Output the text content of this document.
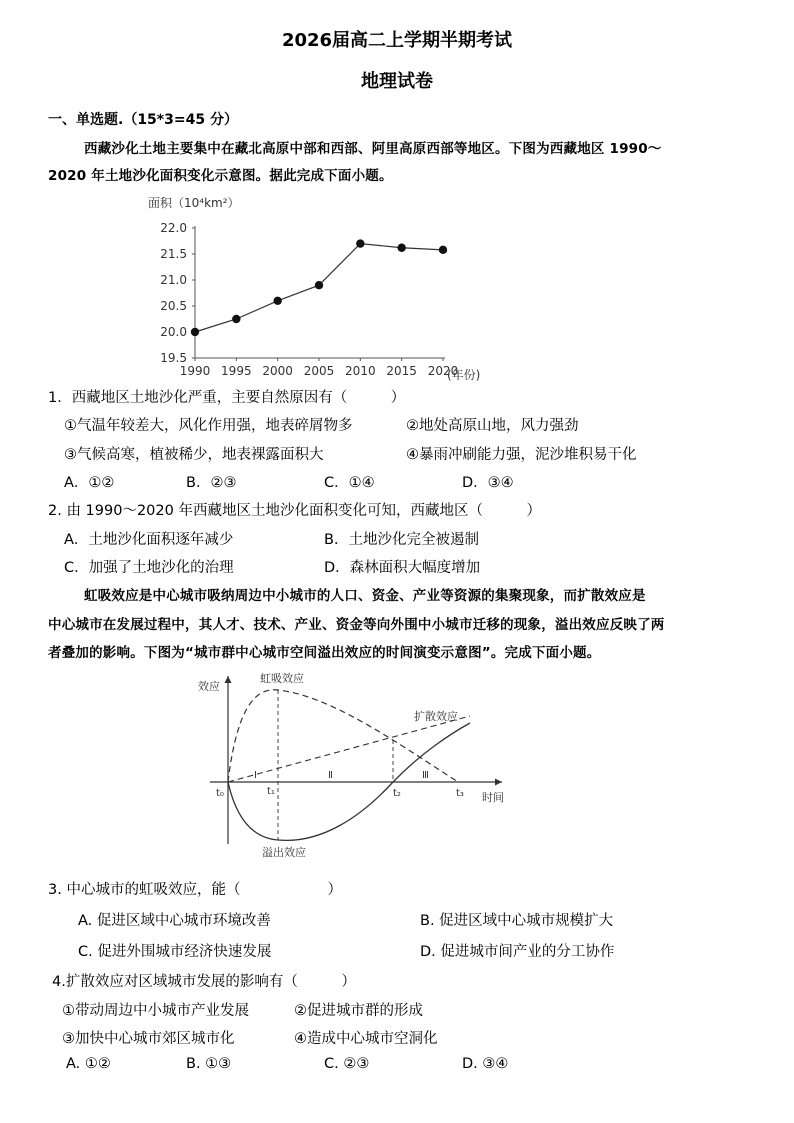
2026届高二上学期半期考试
地理试卷
一、单选题.（15*3=45 分）
西藏沙化土地主要集中在藏北高原中部和西部、阿里高原西部等地区。下图为西藏地区 1990～
2020 年土地沙化面积变化示意图。据此完成下面小题。
面积（10⁴km²）
19.5
20.0
20.5
21.0
21.5
22.0
1990 1995 2000 2005 2010 2015 2020
(年份)
1．西藏地区土地沙化严重，主要自然原因有（　　　）
①气温年较差大，风化作用强，地表碎屑物多	②地处高原山地，风力强劲
③气候高寒，植被稀少，地表裸露面积大	④暴雨冲刷能力强，泥沙堆积易干化
A．①②	B．②③	C．①④	D．③④
2. 由 1990～2020 年西藏地区土地沙化面积变化可知，西藏地区（　　　）
A．土地沙化面积逐年减少	B．土地沙化完全被遏制
C．加强了土地沙化的治理	D．森林面积大幅度增加
虹吸效应是中心城市吸纳周边中小城市的人口、资金、产业等资源的集聚现象，而扩散效应是
中心城市在发展过程中，其人才、技术、产业、资金等向外围中小城市迁移的现象，溢出效应反映了两
者叠加的影响。下图为“城市群中心城市空间溢出效应的时间演变示意图”。完成下面小题。
效应
时间
虹吸效应
扩散效应
溢出效应
t₀	t₁	t₂	t₃
Ⅰ	Ⅱ	Ⅲ
3. 中心城市的虹吸效应，能（　　　　　　）
A. 促进区域中心城市环境改善	B. 促进区域中心城市规模扩大
C. 促进外围城市经济快速发展	D. 促进城市间产业的分工协作
4.扩散效应对区域城市发展的影响有（　　　）
①带动周边中小城市产业发展	②促进城市群的形成
③加快中心城市郊区城市化	④造成中心城市空洞化
A. ①②	B. ①③	C. ②③	D. ③④
